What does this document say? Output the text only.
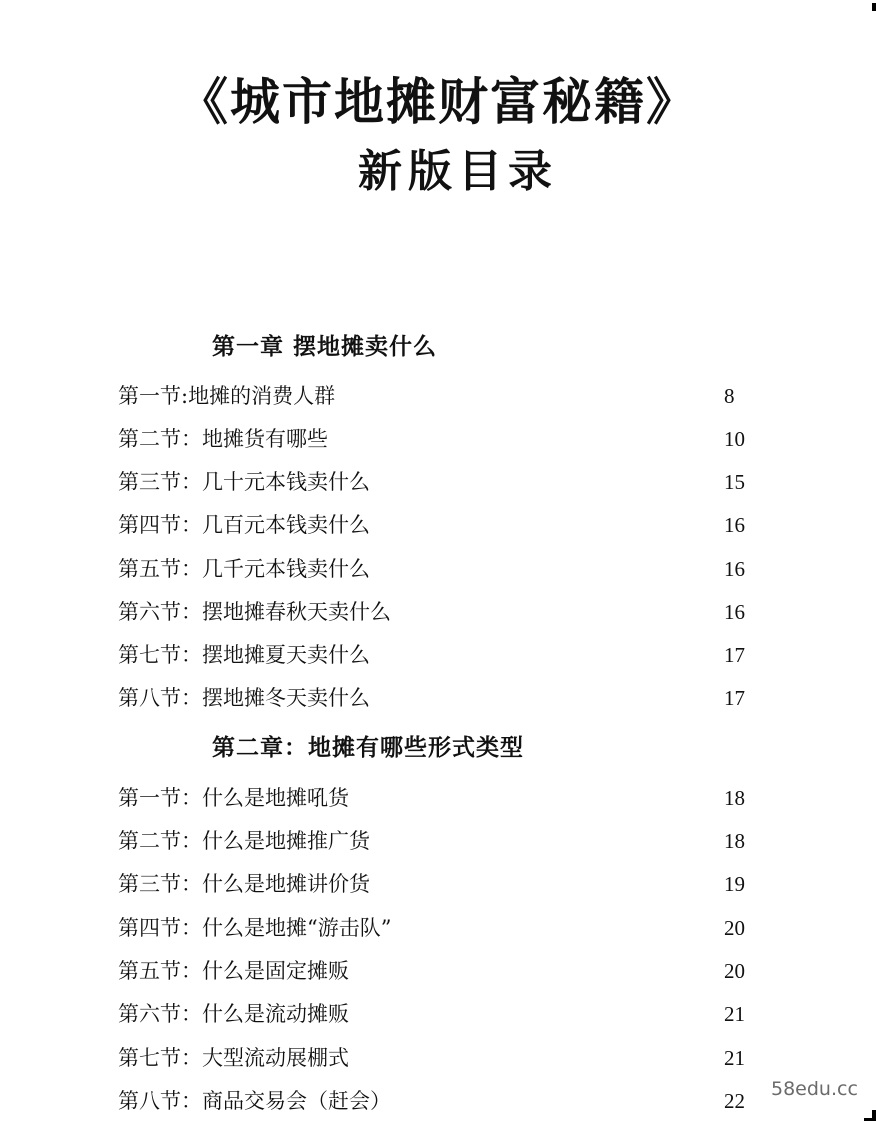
《城市地摊财富秘籍》
新版目录
第一章 摆地摊卖什么
第一节:地摊的消费人群	8
第二节：地摊货有哪些	10
第三节：几十元本钱卖什么	15
第四节：几百元本钱卖什么	16
第五节：几千元本钱卖什么	16
第六节：摆地摊春秋天卖什么	16
第七节：摆地摊夏天卖什么	17
第八节：摆地摊冬天卖什么	17
第二章：地摊有哪些形式类型
第一节：什么是地摊吼货	18
第二节：什么是地摊推广货	18
第三节：什么是地摊讲价货	19
第四节：什么是地摊“游击队”	20
第五节：什么是固定摊贩	20
第六节：什么是流动摊贩	21
第七节：大型流动展棚式	21
第八节：商品交易会（赶会）	22 58edu.cc
